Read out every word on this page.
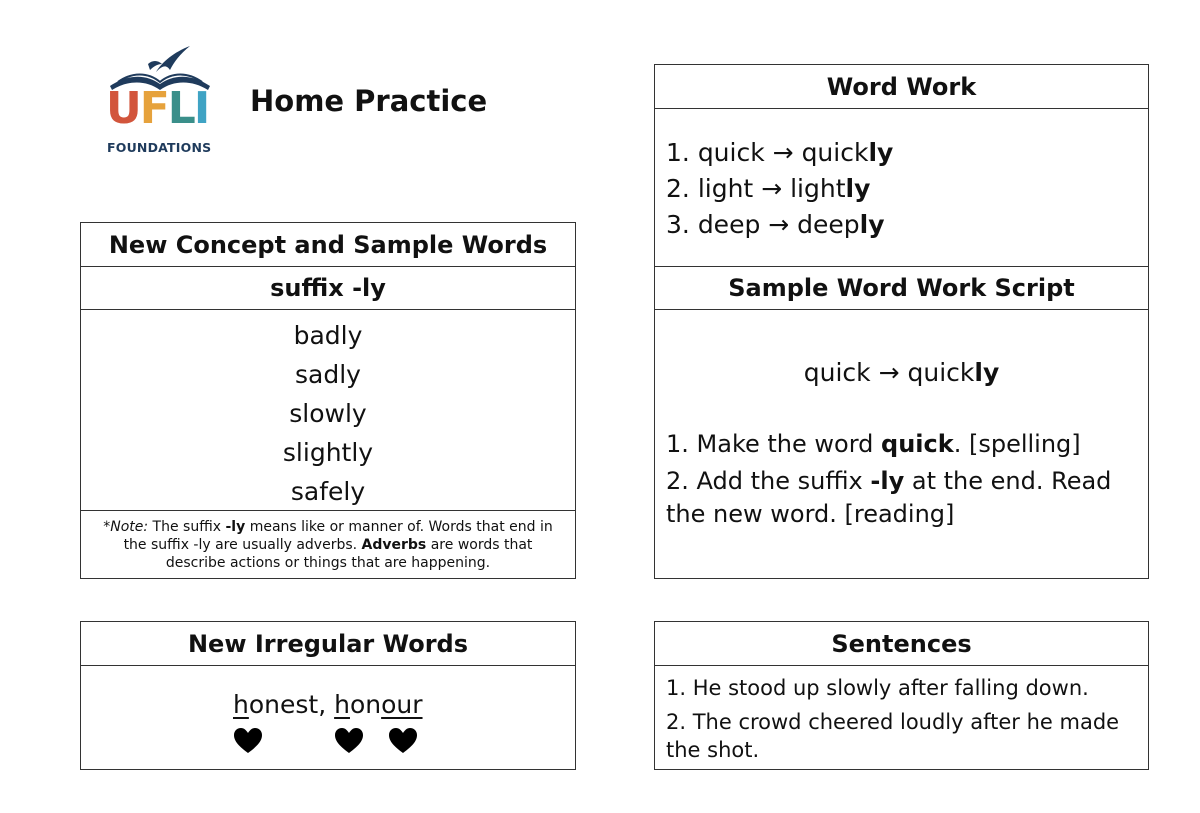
UFLI
FOUNDATIONS
Home Practice
New Concept and Sample Words
suffix -ly
badly
sadly
slowly
slightly
safely
*Note: The suffix -ly means like or manner of. Words that end in the suffix -ly are usually adverbs. Adverbs are words that describe actions or things that are happening.
Word Work
1. quick → quickly
2. light → lightly
3. deep → deeply
Sample Word Work Script
quick → quickly
1. Make the word quick. [spelling]
2. Add the suffix -ly at the end. Read the new word. [reading]
New Irregular Words
honest, honour
Sentences
1. He stood up slowly after falling down.
2. The crowd cheered loudly after he made the shot.
